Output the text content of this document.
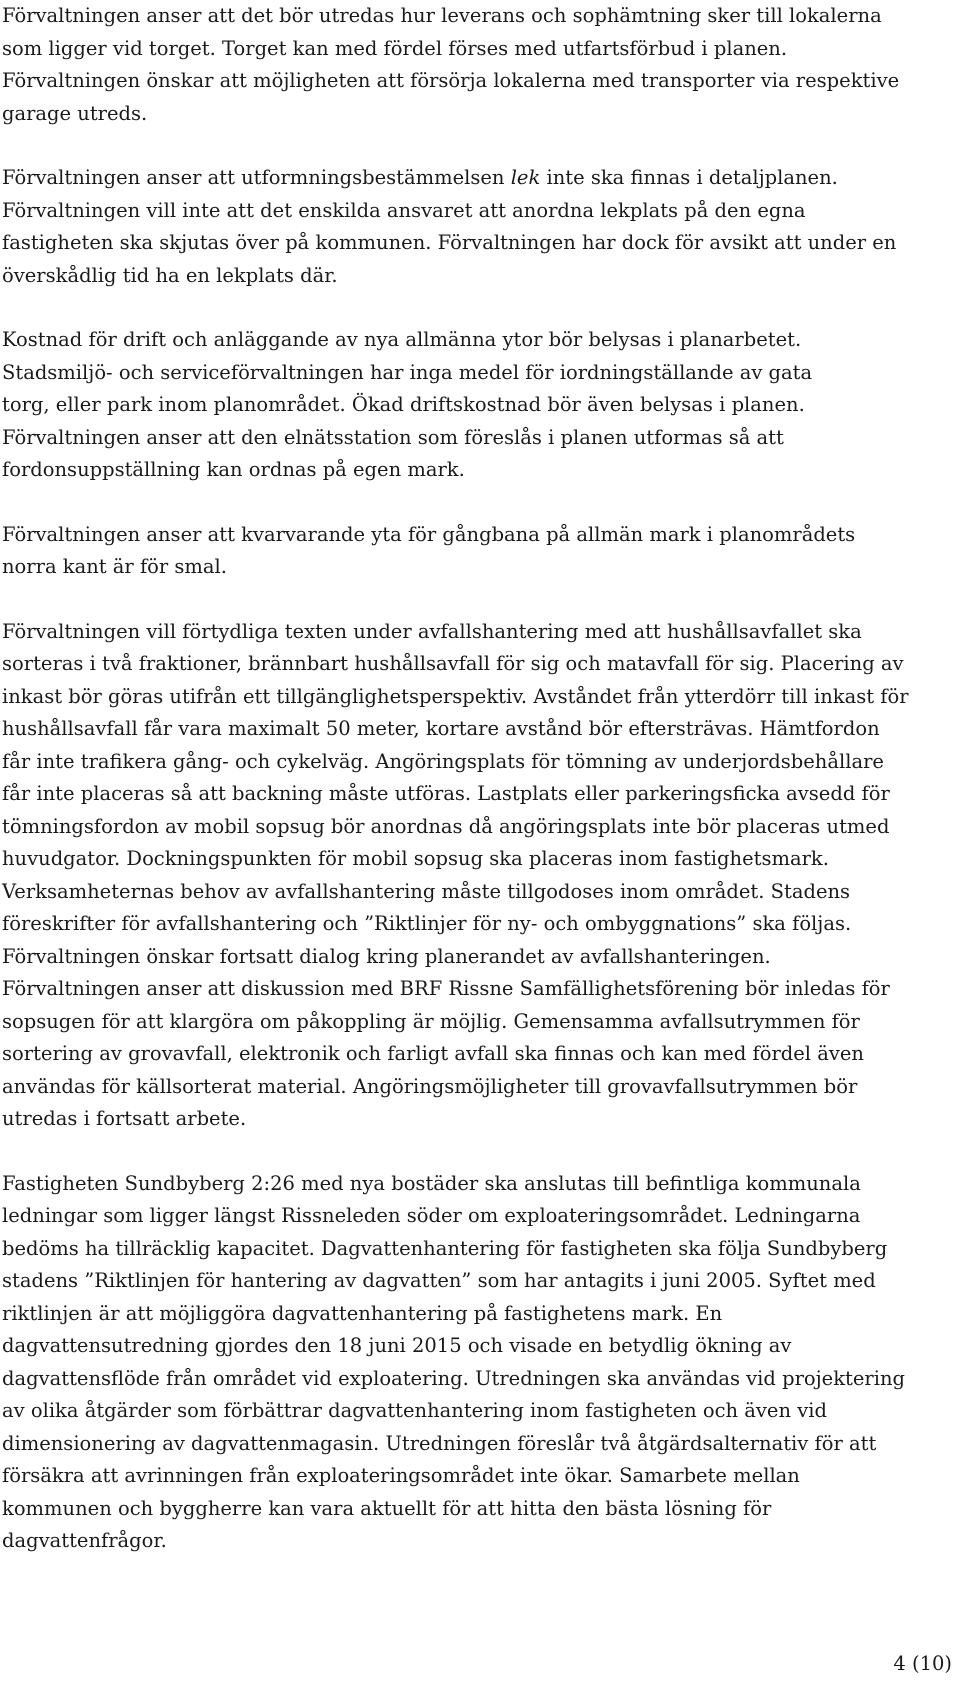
Förvaltningen anser att det bör utredas hur leverans och sophämtning sker till lokalerna
som ligger vid torget. Torget kan med fördel förses med utfartsförbud i planen.
Förvaltningen önskar att möjligheten att försörja lokalerna med transporter via respektive
garage utreds.
Förvaltningen anser att utformningsbestämmelsen lek inte ska finnas i detaljplanen.
Förvaltningen vill inte att det enskilda ansvaret att anordna lekplats på den egna
fastigheten ska skjutas över på kommunen. Förvaltningen har dock för avsikt att under en
överskådlig tid ha en lekplats där.
Kostnad för drift och anläggande av nya allmänna ytor bör belysas i planarbetet.
Stadsmiljö- och serviceförvaltningen har inga medel för iordningställande av gata
torg, eller park inom planområdet. Ökad driftskostnad bör även belysas i planen.
Förvaltningen anser att den elnätsstation som föreslås i planen utformas så att
fordonsuppställning kan ordnas på egen mark.
Förvaltningen anser att kvarvarande yta för gångbana på allmän mark i planområdets
norra kant är för smal.
Förvaltningen vill förtydliga texten under avfallshantering med att hushållsavfallet ska
sorteras i två fraktioner, brännbart hushållsavfall för sig och matavfall för sig. Placering av
inkast bör göras utifrån ett tillgänglighetsperspektiv. Avståndet från ytterdörr till inkast för
hushållsavfall får vara maximalt 50 meter, kortare avstånd bör eftersträvas. Hämtfordon
får inte trafikera gång- och cykelväg. Angöringsplats för tömning av underjordsbehållare
får inte placeras så att backning måste utföras. Lastplats eller parkeringsficka avsedd för
tömningsfordon av mobil sopsug bör anordnas då angöringsplats inte bör placeras utmed
huvudgator. Dockningspunkten för mobil sopsug ska placeras inom fastighetsmark.
Verksamheternas behov av avfallshantering måste tillgodoses inom området. Stadens
föreskrifter för avfallshantering och ”Riktlinjer för ny- och ombyggnations” ska följas.
Förvaltningen önskar fortsatt dialog kring planerandet av avfallshanteringen.
Förvaltningen anser att diskussion med BRF Rissne Samfällighetsförening bör inledas för
sopsugen för att klargöra om påkoppling är möjlig. Gemensamma avfallsutrymmen för
sortering av grovavfall, elektronik och farligt avfall ska finnas och kan med fördel även
användas för källsorterat material. Angöringsmöjligheter till grovavfallsutrymmen bör
utredas i fortsatt arbete.
Fastigheten Sundbyberg 2:26 med nya bostäder ska anslutas till befintliga kommunala
ledningar som ligger längst Rissneleden söder om exploateringsområdet. Ledningarna
bedöms ha tillräcklig kapacitet. Dagvattenhantering för fastigheten ska följa Sundbyberg
stadens ”Riktlinjen för hantering av dagvatten” som har antagits i juni 2005. Syftet med
riktlinjen är att möjliggöra dagvattenhantering på fastighetens mark. En
dagvattensutredning gjordes den 18 juni 2015 och visade en betydlig ökning av
dagvattensflöde från området vid exploatering. Utredningen ska användas vid projektering
av olika åtgärder som förbättrar dagvattenhantering inom fastigheten och även vid
dimensionering av dagvattenmagasin. Utredningen föreslår två åtgärdsalternativ för att
försäkra att avrinningen från exploateringsområdet inte ökar. Samarbete mellan
kommunen och byggherre kan vara aktuellt för att hitta den bästa lösning för
dagvattenfrågor.
4 (10)
